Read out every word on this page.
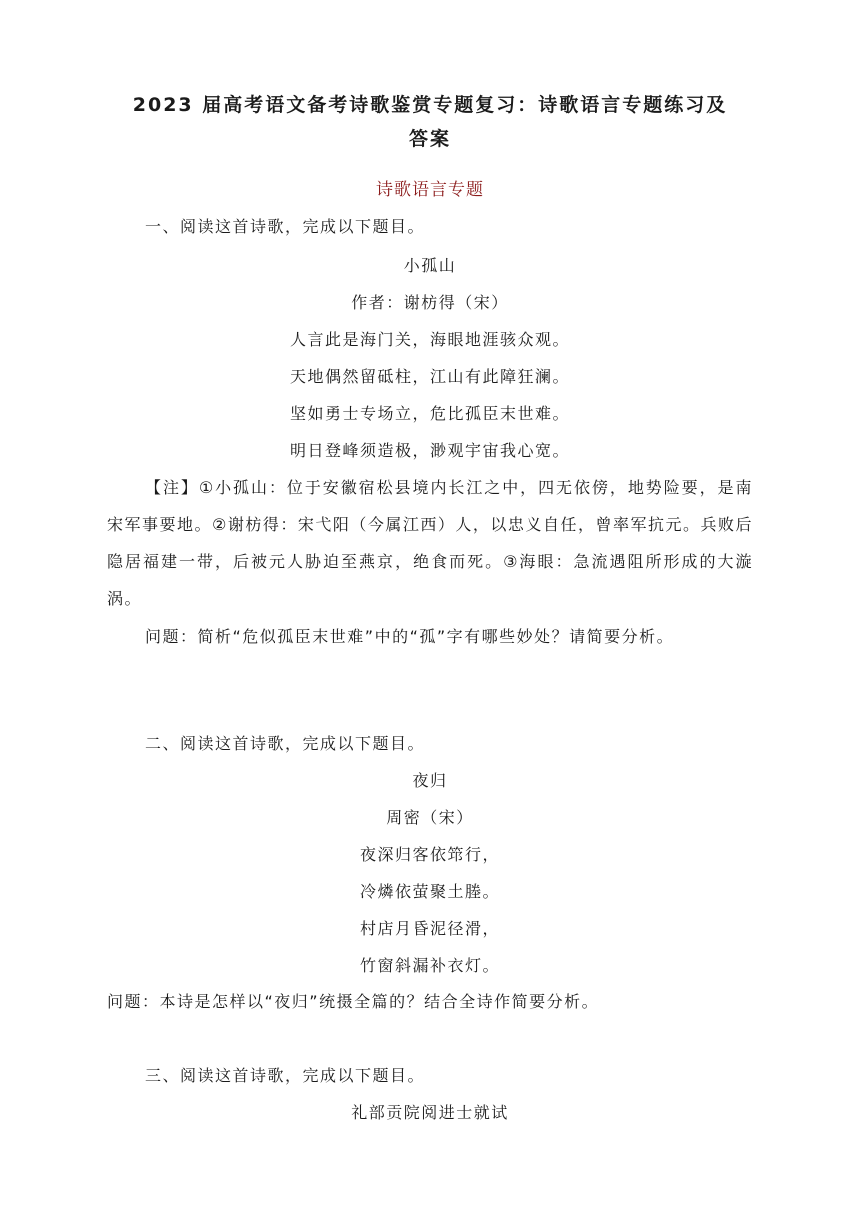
2023 届高考语文备考诗歌鉴赏专题复习：诗歌语言专题练习及
答案
诗歌语言专题
一、阅读这首诗歌，完成以下题目。
小孤山
作者：谢枋得（宋）
人言此是海门关，海眼地涯骇众观。
天地偶然留砥柱，江山有此障狂澜。
坚如勇士专场立，危比孤臣末世难。
明日登峰须造极，渺观宇宙我心宽。
【注】①小孤山：位于安徽宿松县境内长江之中，四无依傍，地势险要，是南宋军事要地。②谢枋得：宋弋阳（今属江西）人，以忠义自任，曾率军抗元。兵败后隐居福建一带，后被元人胁迫至燕京，绝食而死。③海眼：急流遇阻所形成的大漩涡。
问题：简析“危似孤臣末世难”中的“孤”字有哪些妙处？请简要分析。
二、阅读这首诗歌，完成以下题目。
夜归
周密（宋）
夜深归客依筇行，
冷燐依萤聚土塍。
村店月昏泥径滑，
竹窗斜漏补衣灯。
问题：本诗是怎样以“夜归”统摄全篇的？结合全诗作简要分析。
三、阅读这首诗歌，完成以下题目。
礼部贡院阅进士就试
